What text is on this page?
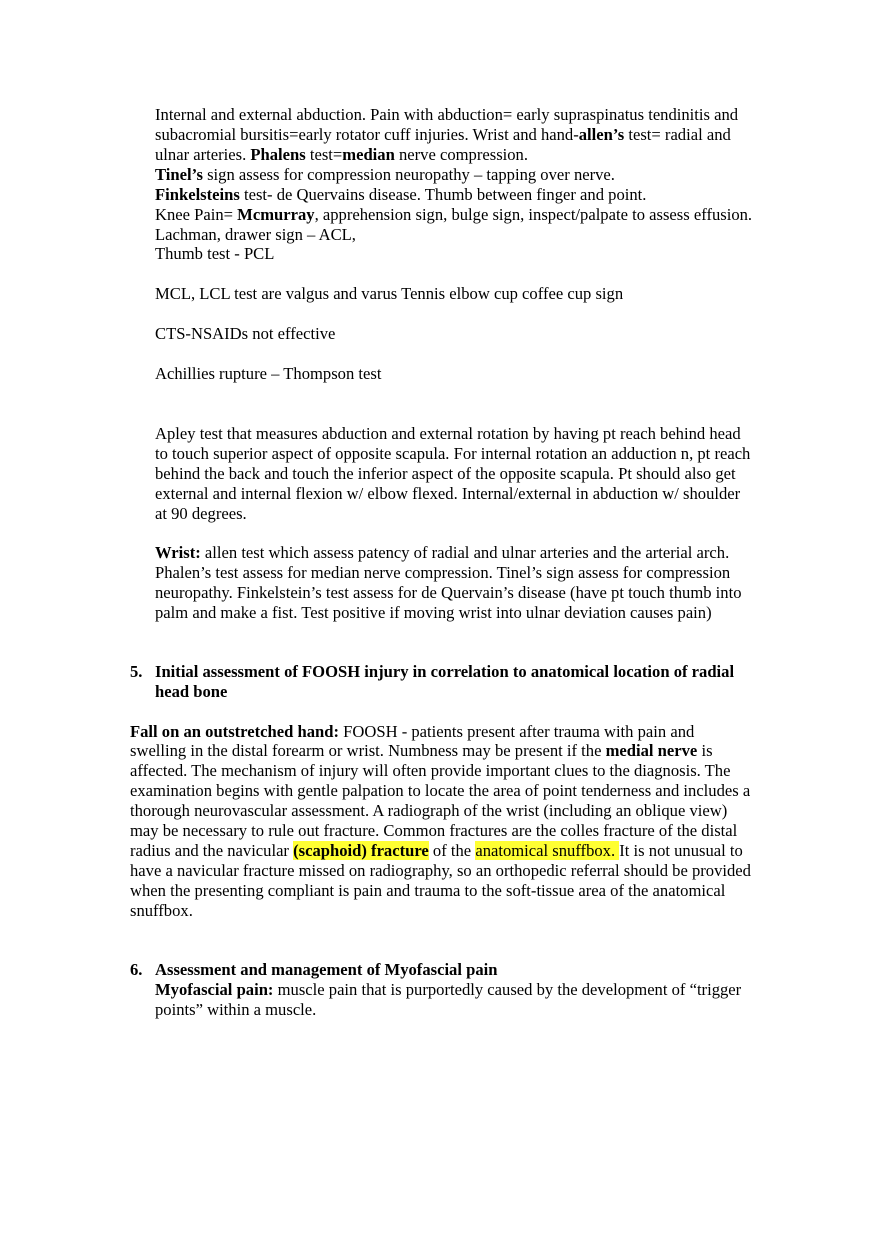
Internal and external abduction. Pain with abduction= early supraspinatus tendinitis and
subacromial bursitis=early rotator cuff injuries. Wrist and hand-allen’s test= radial and
ulnar arteries. Phalens test=median nerve compression.
Tinel’s sign assess for compression neuropathy – tapping over nerve.
Finkelsteins test- de Quervains disease. Thumb between finger and point.
Knee Pain= Mcmurray, apprehension sign, bulge sign, inspect/palpate to assess effusion.
Lachman, drawer sign – ACL,
Thumb test - PCL
MCL, LCL test are valgus and varus Tennis elbow cup coffee cup sign
CTS-NSAIDs not effective
Achillies rupture – Thompson test
Apley test that measures abduction and external rotation by having pt reach behind head
to touch superior aspect of opposite scapula. For internal rotation an adduction n, pt reach
behind the back and touch the inferior aspect of the opposite scapula. Pt should also get
external and internal flexion w/ elbow flexed. Internal/external in abduction w/ shoulder
at 90 degrees.
Wrist: allen test which assess patency of radial and ulnar arteries and the arterial arch.
Phalen’s test assess for median nerve compression. Tinel’s sign assess for compression
neuropathy. Finkelstein’s test assess for de Quervain’s disease (have pt touch thumb into
palm and make a fist. Test positive if moving wrist into ulnar deviation causes pain)
5. Initial assessment of FOOSH injury in correlation to anatomical location of radial
head bone
Fall on an outstretched hand: FOOSH - patients present after trauma with pain and
swelling in the distal forearm or wrist. Numbness may be present if the medial nerve is
affected. The mechanism of injury will often provide important clues to the diagnosis. The
examination begins with gentle palpation to locate the area of point tenderness and includes a
thorough neurovascular assessment. A radiograph of the wrist (including an oblique view)
may be necessary to rule out fracture. Common fractures are the colles fracture of the distal
radius and the navicular (scaphoid) fracture of the anatomical snuffbox. It is not unusual to
have a navicular fracture missed on radiography, so an orthopedic referral should be provided
when the presenting compliant is pain and trauma to the soft-tissue area of the anatomical
snuffbox.
6. Assessment and management of Myofascial pain
Myofascial pain: muscle pain that is purportedly caused by the development of “trigger
points” within a muscle.
